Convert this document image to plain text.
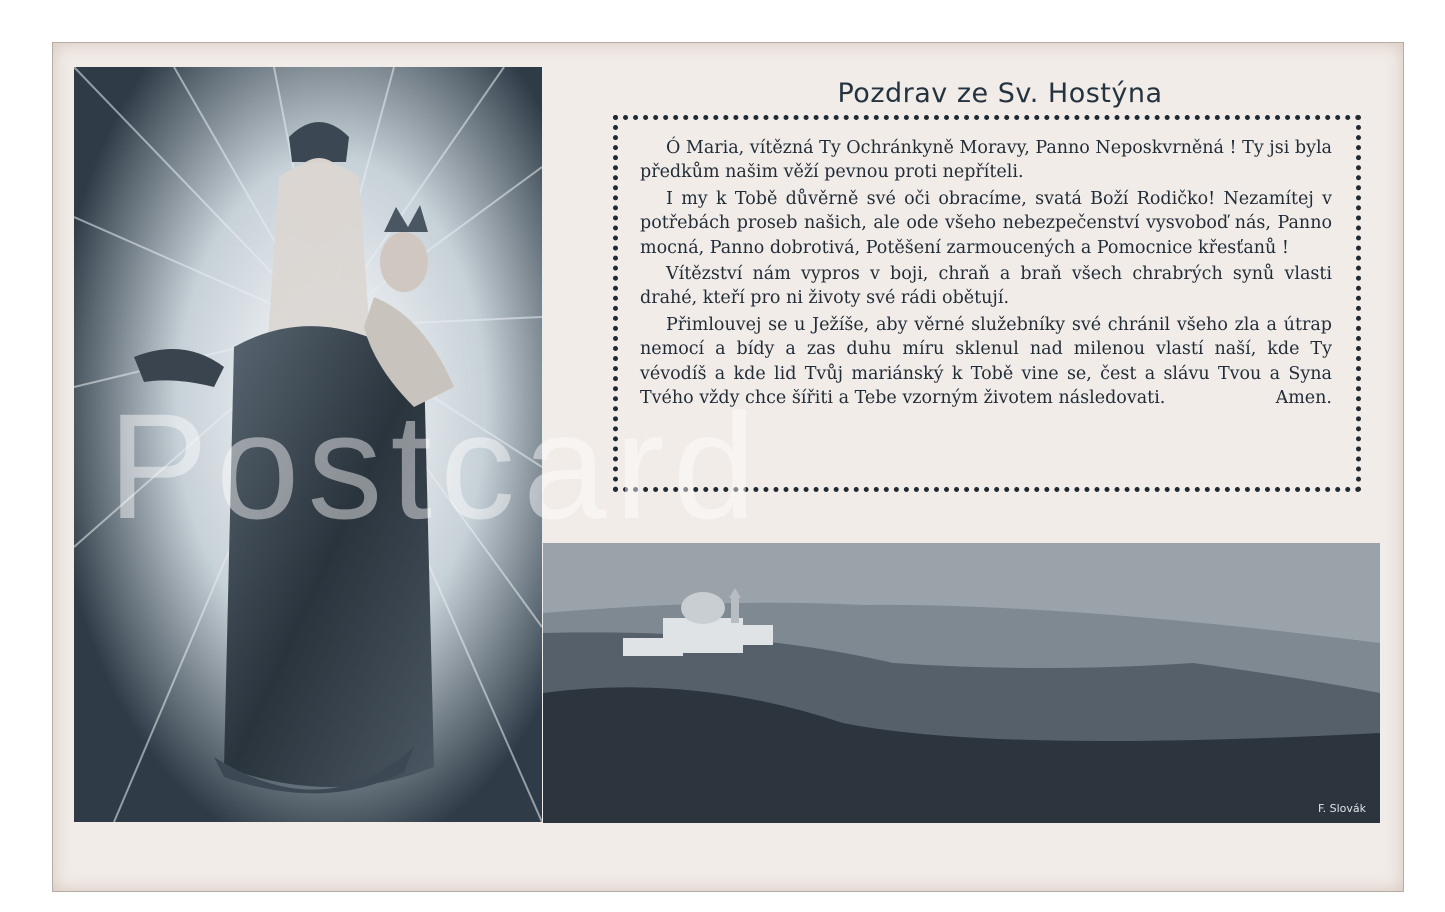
Pozdrav ze Sv. Hostýna

Ó Maria, vítězná Ty Ochránkyně Moravy, Panno Neposkvrněná ! Ty jsi byla předkům našim věží pevnou proti nepříteli.

I my k Tobě důvěrně své oči obracíme, svatá Boží Rodičko! Nezamítej v potřebách proseb našich, ale ode všeho nebezpečenství vysvoboď nás, Panno mocná, Panno dobrotivá, Potěšení zarmoucených a Pomocnice křesťanů !

Vítězství nám vypros v boji, chraň a braň všech chrabrých synů vlasti drahé, kteří pro ni životy své rádi obětují.

Přimlouvej se u Ježíše, aby věrné služebníky své chránil všeho zla a útrap nemocí a bídy a zas duhu míru sklenul nad milenou vlastí naší, kde Ty vévodíš a kde lid Tvůj mariánský k Tobě vine se, čest a slávu Tvou a Syna Tvého vždy chce šířiti a Tebe vzorným životem následovati.	Amen.

F. Slovák
Postcard
